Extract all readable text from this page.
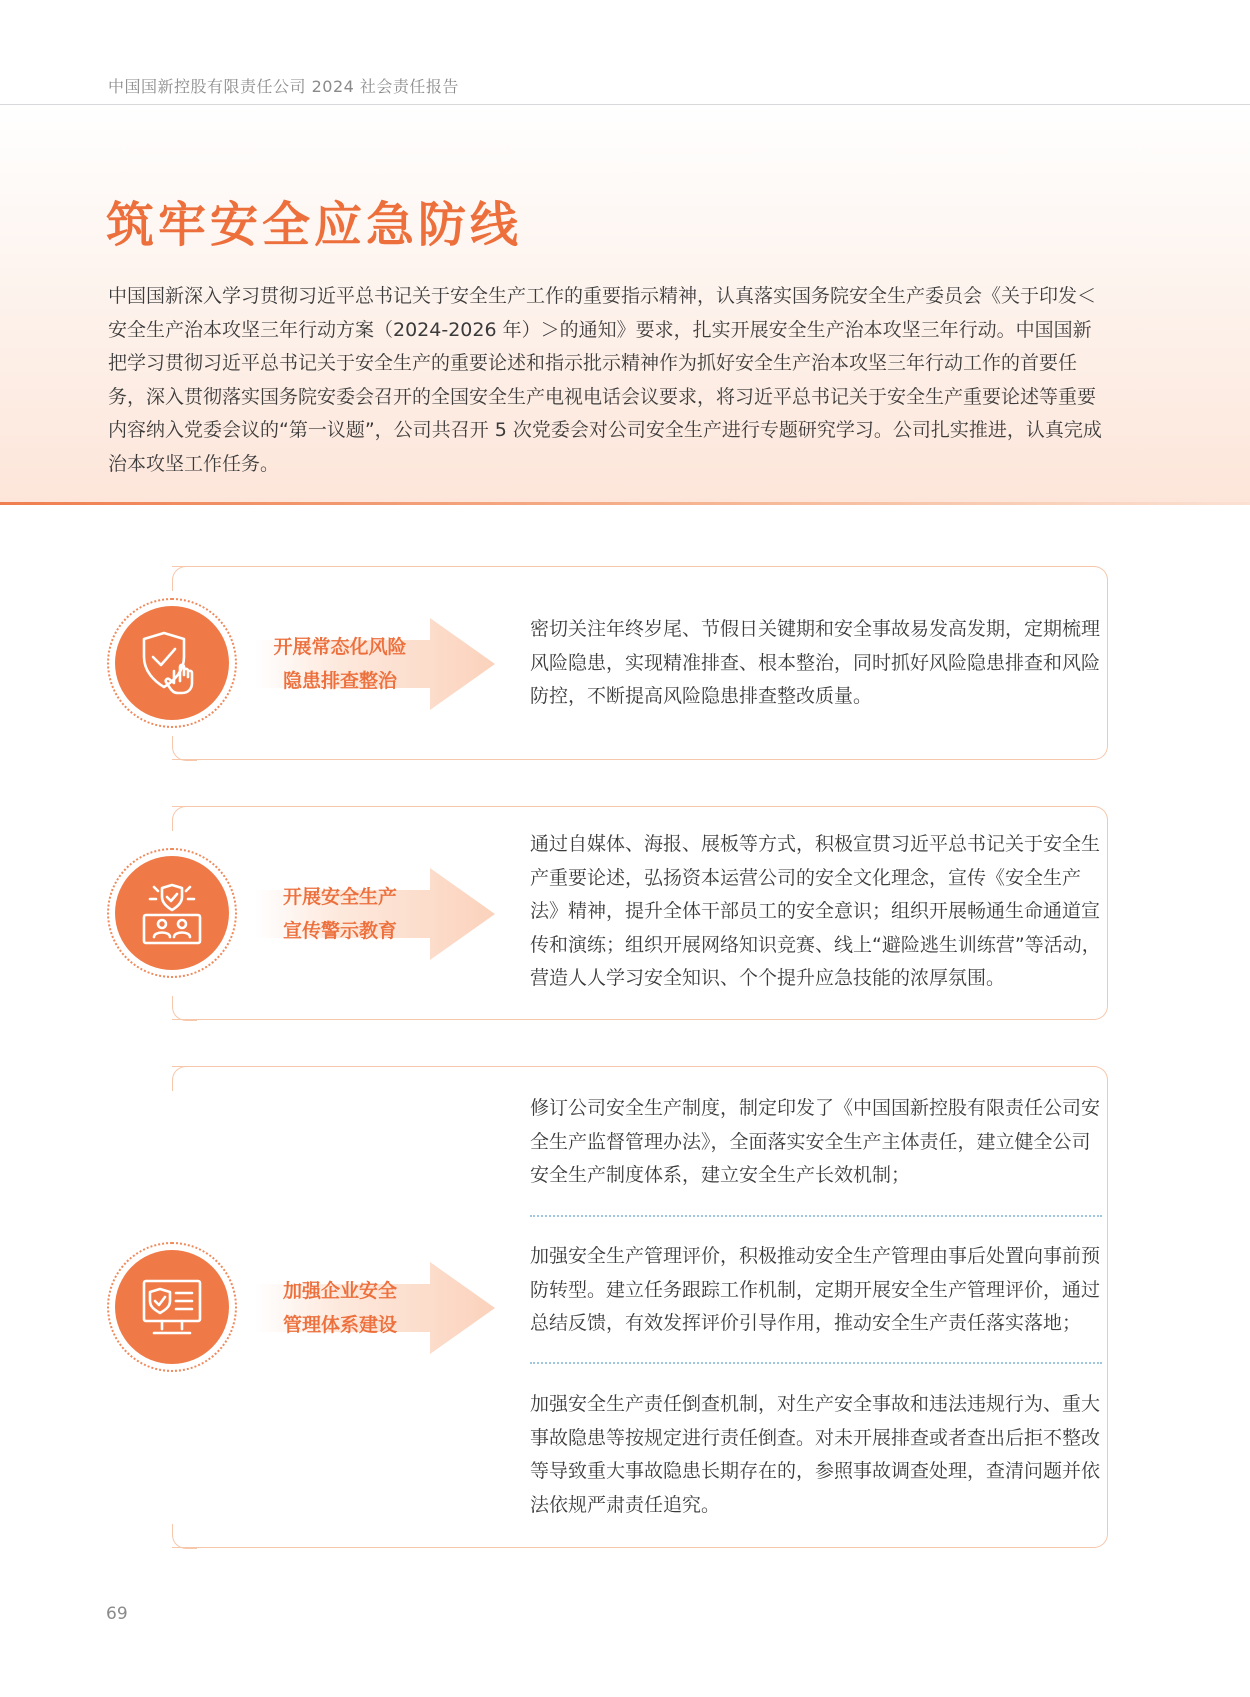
中国国新控股有限责任公司 2024 社会责任报告
筑牢安全应急防线
中国国新深入学习贯彻习近平总书记关于安全生产工作的重要指示精神，认真落实国务院安全生产委员会《关于印发＜安全生产治本攻坚三年行动方案（2024-2026 年）＞的通知》要求，扎实开展安全生产治本攻坚三年行动。中国国新把学习贯彻习近平总书记关于安全生产的重要论述和指示批示精神作为抓好安全生产治本攻坚三年行动工作的首要任务，深入贯彻落实国务院安委会召开的全国安全生产电视电话会议要求，将习近平总书记关于安全生产重要论述等重要内容纳入党委会议的“第一议题”，公司共召开 5 次党委会对公司安全生产进行专题研究学习。公司扎实推进，认真完成治本攻坚工作任务。
开展常态化风险
隐患排查整治
开展安全生产
宣传警示教育
加强企业安全
管理体系建设
密切关注年终岁尾、节假日关键期和安全事故易发高发期，定期梳理风险隐患，实现精准排查、根本整治，同时抓好风险隐患排查和风险防控，不断提高风险隐患排查整改质量。
通过自媒体、海报、展板等方式，积极宣贯习近平总书记关于安全生产重要论述，弘扬资本运营公司的安全文化理念，宣传《安全生产法》精神，提升全体干部员工的安全意识；组织开展畅通生命通道宣传和演练；组织开展网络知识竞赛、线上“避险逃生训练营”等活动，营造人人学习安全知识、个个提升应急技能的浓厚氛围。
修订公司安全生产制度，制定印发了《中国国新控股有限责任公司安全生产监督管理办法》，全面落实安全生产主体责任，建立健全公司安全生产制度体系，建立安全生产长效机制；
加强安全生产管理评价，积极推动安全生产管理由事后处置向事前预防转型。建立任务跟踪工作机制，定期开展安全生产管理评价，通过总结反馈，有效发挥评价引导作用，推动安全生产责任落实落地；
加强安全生产责任倒查机制，对生产安全事故和违法违规行为、重大事故隐患等按规定进行责任倒查。对未开展排查或者查出后拒不整改等导致重大事故隐患长期存在的，参照事故调查处理，查清问题并依法依规严肃责任追究。
69
